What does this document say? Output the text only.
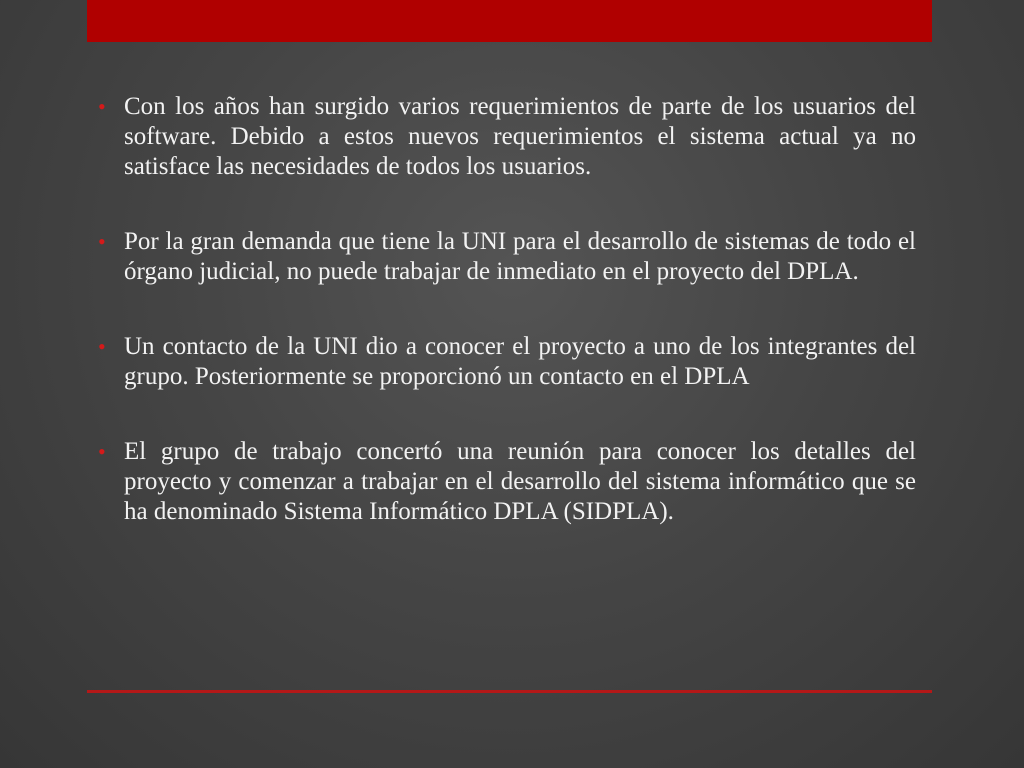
• Con los años han surgido varios requerimientos de parte de los usuarios del software. Debido a estos nuevos requerimientos el sistema actual ya no satisface las necesidades de todos los usuarios.
• Por la gran demanda que tiene la UNI para el desarrollo de sistemas de todo el órgano judicial, no puede trabajar de inmediato en el proyecto del DPLA.
• Un contacto de la UNI dio a conocer el proyecto a uno de los integrantes del grupo. Posteriormente se proporcionó un contacto en el DPLA
• El grupo de trabajo concertó una reunión para conocer los detalles del proyecto y comenzar a trabajar en el desarrollo del sistema informático que se ha denominado Sistema Informático DPLA (SIDPLA).
